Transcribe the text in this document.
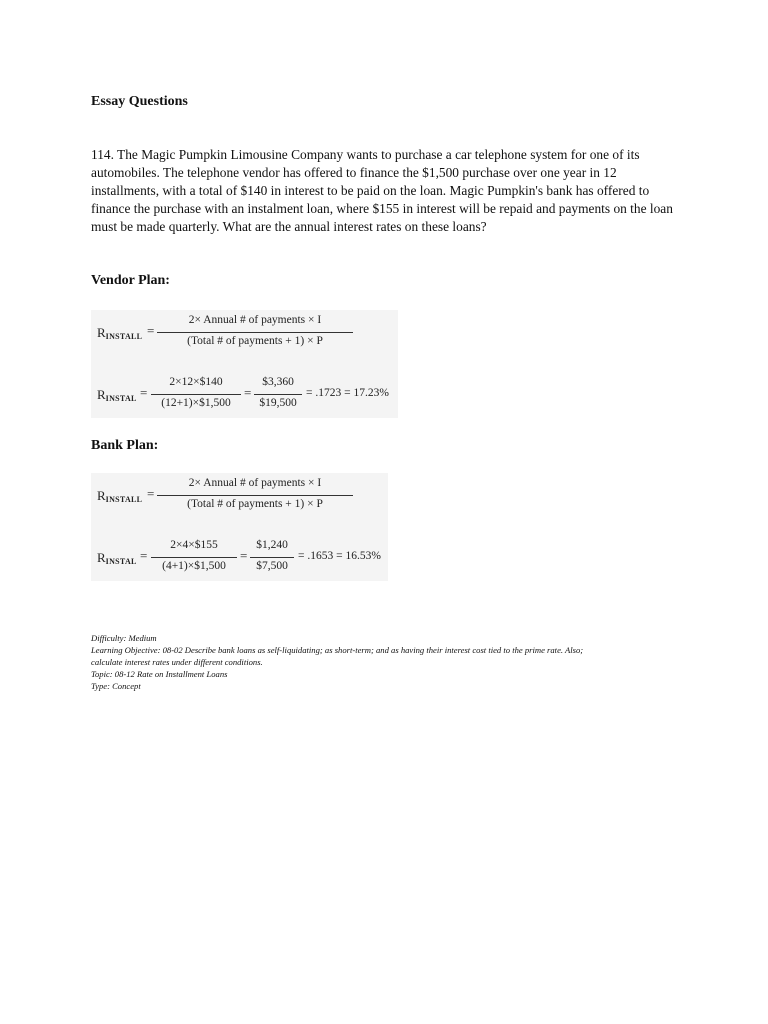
Essay Questions

114. The Magic Pumpkin Limousine Company wants to purchase a car telephone system for one of its automobiles. The telephone vendor has offered to finance the $1,500 purchase over one year in 12 installments, with a total of $140 in interest to be paid on the loan. Magic Pumpkin's bank has offered to finance the purchase with an instalment loan, where $155 in interest will be repaid and payments on the loan must be made quarterly. What are the annual interest rates on these loans?

Vendor Plan:
$R_{INSTALL}$ =
2× Annual # of payments × I
(Total # of payments + 1) × P
$R_{INSTAL}$ =
2×12×$140
(12+1)×$1,500
=
$3,360
$19,500
= .1723 = 17.23%
Bank Plan:
$R_{INSTALL}$ =
2× Annual # of payments × I
(Total # of payments + 1) × P
$R_{INSTAL}$ =
2×4×$155
(4+1)×$1,500
=
$1,240
$7,500
= .1653 = 16.53%
Difficulty: Medium
Learning Objective: 08-02 Describe bank loans as self-liquidating; as short-term; and as having their interest cost tied to the prime rate. Also;
calculate interest rates under different conditions.
Topic: 08-12 Rate on Installment Loans
Type: Concept
